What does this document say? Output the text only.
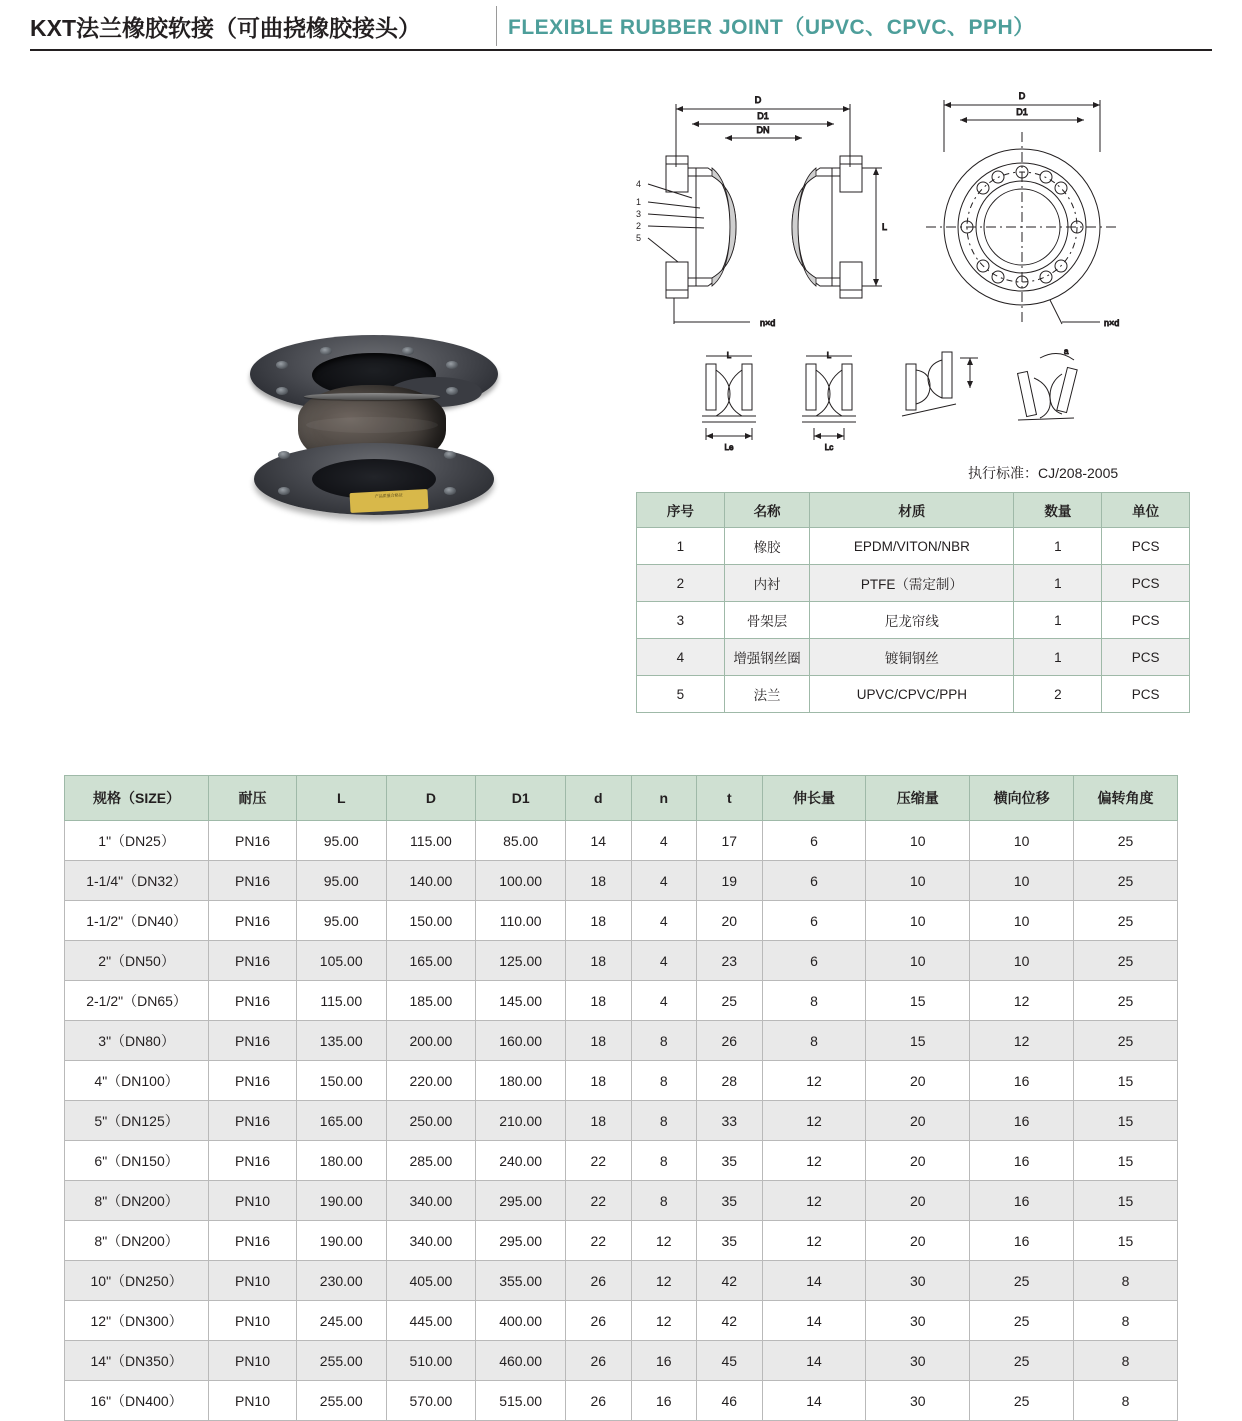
KXT法兰橡胶软接（可曲挠橡胶接头）	FLEXIBLE RUBBER JOINT（UPVC、CPVC、PPH）
产品质量合格证
D
D1
DN
n×d
L
4
1
3
2
5
D
D1
n×d
L
Le
L
Lc
a
执行标准：CJ/208-2005
序号	名称	材质	数量	单位
1	橡胶	EPDM/VITON/NBR	1	PCS
2	内衬	PTFE（需定制）	1	PCS
3	骨架层	尼龙帘线	1	PCS
4	增强钢丝圈	镀铜钢丝	1	PCS
5	法兰	UPVC/CPVC/PPH	2	PCS
规格（SIZE）	耐压	L	D	D1	d	n	t	伸长量	压缩量	横向位移	偏转角度
1"（DN25）	PN16	95.00	115.00	85.00	14	4	17	6	10	10	25
1-1/4"（DN32）	PN16	95.00	140.00	100.00	18	4	19	6	10	10	25
1-1/2"（DN40）	PN16	95.00	150.00	110.00	18	4	20	6	10	10	25
2"（DN50）	PN16	105.00	165.00	125.00	18	4	23	6	10	10	25
2-1/2"（DN65）	PN16	115.00	185.00	145.00	18	4	25	8	15	12	25
3"（DN80）	PN16	135.00	200.00	160.00	18	8	26	8	15	12	25
4"（DN100）	PN16	150.00	220.00	180.00	18	8	28	12	20	16	15
5"（DN125）	PN16	165.00	250.00	210.00	18	8	33	12	20	16	15
6"（DN150）	PN16	180.00	285.00	240.00	22	8	35	12	20	16	15
8"（DN200）	PN10	190.00	340.00	295.00	22	8	35	12	20	16	15
8"（DN200）	PN16	190.00	340.00	295.00	22	12	35	12	20	16	15
10"（DN250）	PN10	230.00	405.00	355.00	26	12	42	14	30	25	8
12"（DN300）	PN10	245.00	445.00	400.00	26	12	42	14	30	25	8
14"（DN350）	PN10	255.00	510.00	460.00	26	16	45	14	30	25	8
16"（DN400）	PN10	255.00	570.00	515.00	26	16	46	14	30	25	8
